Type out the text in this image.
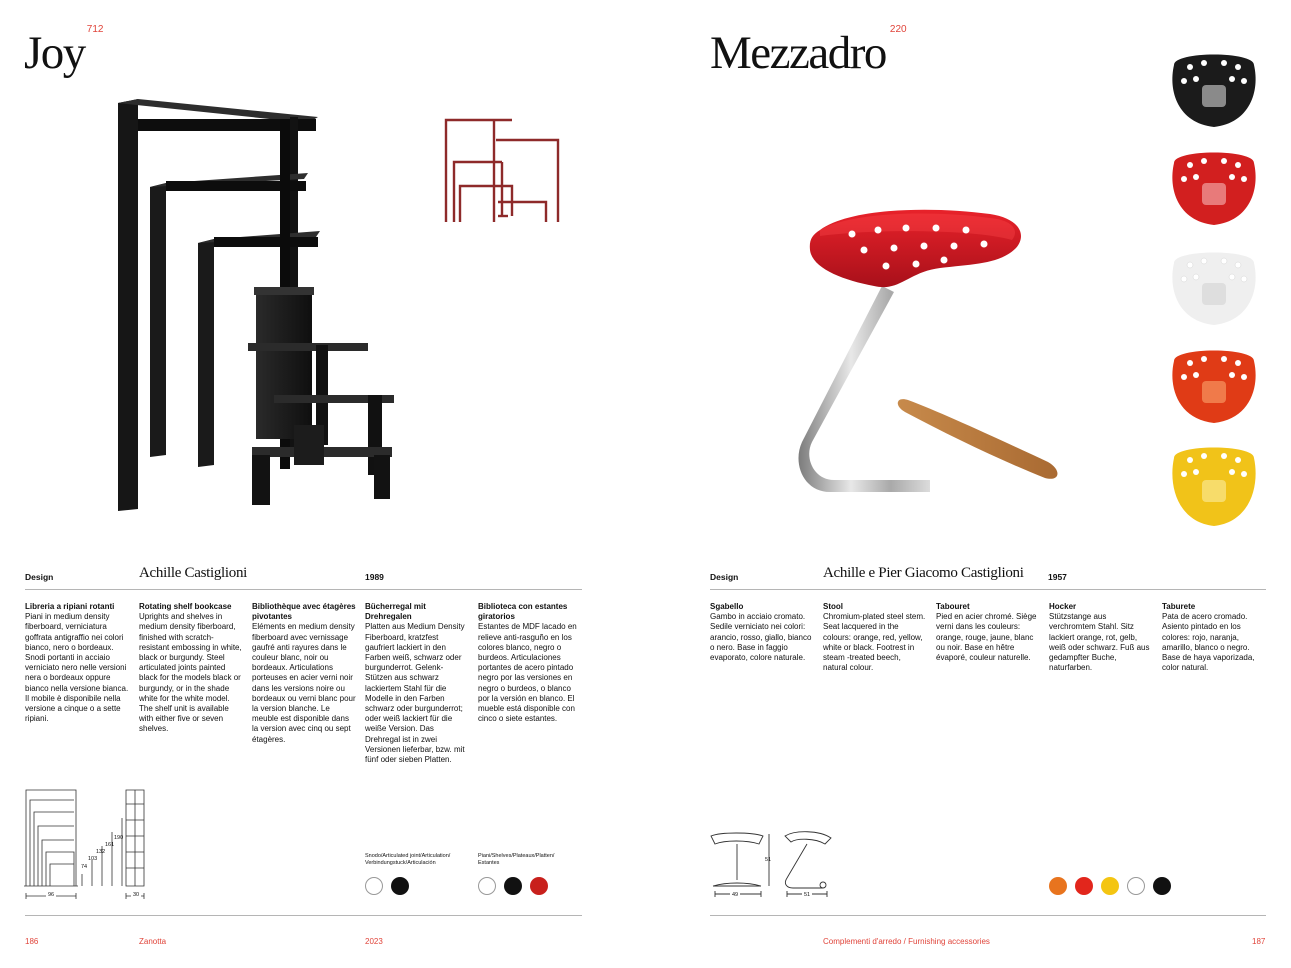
Joy $^{712}$
Design	Achille Castiglioni	1989
Libreria a ripiani rotanti
Piani in medium density fiberboard, verniciatura goffrata antigraffio nei colori bianco, nero o bordeaux. Snodi portanti in acciaio verniciato nero nelle versioni nera o bordeaux oppure bianco nella versione bianca. Il mobile è disponibile nella versione a cinque o a sette ripiani.
Rotating shelf bookcase
Uprights and shelves in medium density fiberboard, finished with scratch-resistant embossing in white, black or burgundy. Steel articulated joints painted black for the models black or burgundy, or in the shade white for the white model. The shelf unit is available with either five or seven shelves.
Bibliothèque avec étagères pivotantes
Eléments en medium density fiberboard avec vernissage gaufré anti rayures dans le couleur blanc, noir ou bordeaux. Articulations porteuses en acier verni noir dans les versions noire ou bordeaux ou verni blanc pour la version blanche. Le meuble est disponible dans la version avec cinq ou sept étagères.
Bücherregal mit Drehregalen
Platten aus Medium Density Fiberboard, kratzfest gaufriert lackiert in den Farben weiß, schwarz oder burgunderrot. Gelenk-Stützen aus schwarz lackiertem Stahl für die Modelle in den Farben schwarz oder burgunderrot; oder weiß lackiert für die weiße Version. Das Drehregal ist in zwei Versionen lieferbar, bzw. mit fünf oder sieben Platten.
Biblioteca con estantes giratorios
Estantes de MDF lacado en relieve anti-rasguño en los colores blanco, negro o burdeos. Articulaciones portantes de acero pintado negro por las versiones en negro o burdeos, o blanco por la versión en blanco. El mueble está disponible con cinco o siete estantes.
74
103
132
161
190
96	30
Snodo/Articulated joint/Articulation/ Verbindungstuck/Articulación
Piani/Shelves/Plateaux/Platten/ Estantes
186	Zanotta	2023
Mezzadro $^{220}$
Design	Achille e Pier Giacomo Castiglioni	1957
Sgabello
Gambo in acciaio cromato. Sedile verniciato nei colori: arancio, rosso, giallo, bianco o nero. Base in faggio evaporato, colore naturale.
Stool
Chromium-plated steel stem. Seat lacquered in the colours: orange, red, yellow, white or black. Footrest in steam -treated beech, natural colour.
Tabouret
Pied en acier chromé. Siège verni dans les couleurs: orange, rouge, jaune, blanc ou noir. Base en hêtre évaporé, couleur naturelle.
Hocker
Stützstange aus verchromtem Stahl. Sitz lackiert orange, rot, gelb, weiß oder schwarz. Fuß aus gedampfter Buche, naturfarben.
Taburete
Pata de acero cromado. Asiento pintado en los colores: rojo, naranja, amarillo, blanco o negro. Base de haya vaporizada, color natural.
51
49	51
Complementi d'arredo / Furnishing accessories	187
